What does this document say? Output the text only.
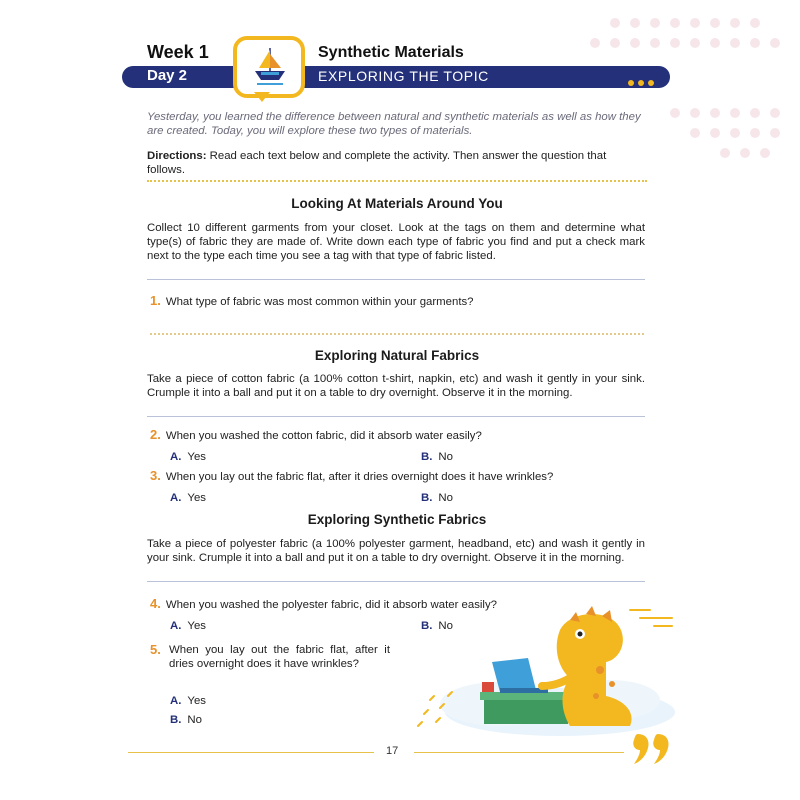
Week 1	Synthetic Materials
Day 2	EXPLORING THE TOPIC
Yesterday, you learned the difference between natural and synthetic materials as well as how they are created. Today, you will explore these two types of materials.
Directions: Read each text below and complete the activity. Then answer the question that follows.
Looking At Materials Around You
Collect 10 different garments from your closet. Look at the tags on them and determine what type(s) of fabric they are made of. Write down each type of fabric you find and put a check mark next to the type each time you see a tag with that type of fabric listed.
1. What type of fabric was most common within your garments?
Exploring Natural Fabrics
Take a piece of cotton fabric (a 100% cotton t-shirt, napkin, etc) and wash it gently in your sink. Crumple it into a ball and put it on a table to dry overnight. Observe it in the morning.
2. When you washed the cotton fabric, did it absorb water easily?
A. Yes	B. No
3. When you lay out the fabric flat, after it dries overnight does it have wrinkles?
A. Yes	B. No
Exploring Synthetic Fabrics
Take a piece of polyester fabric (a 100% polyester garment, headband, etc) and wash it gently in your sink. Crumple it into a ball and put it on a table to dry overnight. Observe it in the morning.
4. When you washed the polyester fabric, did it absorb water easily?
A. Yes	B. No
5. When you lay out the fabric flat, after it dries overnight does it have wrinkles?
A. Yes
B. No
17
